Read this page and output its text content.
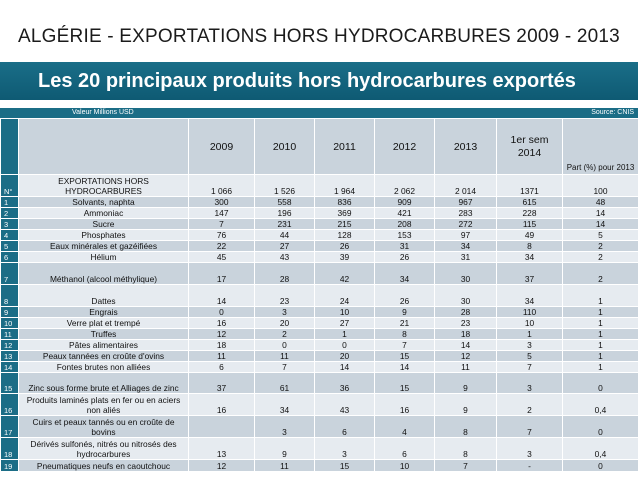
ALGÉRIE - EXPORTATIONS HORS HYDROCARBURES 2009 - 2013
Les 20 principaux produits hors hydrocarbures exportés
Valeur Millions USD	Source: CNIS
		2009	2010	2011	2012	2013	1er sem 2014	Part (%) pour 2013
N°	EXPORTATIONS HORS HYDROCARBURES	1 066	1 526	1 964	2 062	2 014	1371	100
1	Solvants, naphta	300	558	836	909	967	615	48
2	Ammoniac	147	196	369	421	283	228	14
3	Sucre	7	231	215	208	272	115	14
4	Phosphates	76	44	128	153	97	49	5
5	Eaux minérales et gazéifiées	22	27	26	31	34	8	2
6	Hélium	45	43	39	26	31	34	2
7	Méthanol (alcool méthylique)	17	28	42	34	30	37	2
8	Dattes	14	23	24	26	30	34	1
9	Engrais	0	3	10	9	28	110	1
10	Verre plat et trempé	16	20	27	21	23	10	1
11	Truffes	12	2	1	8	18	1	1
12	Pâtes alimentaires	18	0	0	7	14	3	1
13	Peaux tannées en croûte d'ovins	11	11	20	15	12	5	1
14	Fontes brutes non alliées	6	7	14	14	11	7	1
15	Zinc sous forme brute et Alliages de zinc	37	61	36	15	9	3	0
16	Produits laminés plats en fer ou en aciers non aliés	16	34	43	16	9	2	0,4
17	Cuirs et peaux tannés ou en croûte de bovins		3	6	4	8	7	0
18	Dérivés sulfonés, nitrés ou nitrosés des hydrocarbures	13	9	3	6	8	3	0,4
19	Pneumatiques neufs en caoutchouc	12	11	15	10	7	-	0
